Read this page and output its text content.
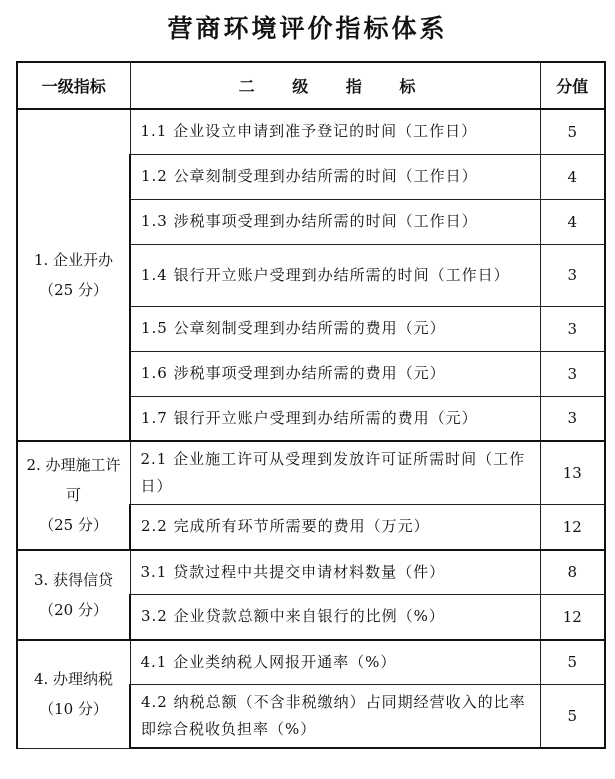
营商环境评价指标体系
一级指标	二 级 指 标	分值

1. 企业开办
（25 分）	1.1 企业设立申请到准予登记的时间（工作日）	5
	1.2 公章刻制受理到办结所需的时间（工作日）	4
	1.3 涉税事项受理到办结所需的时间（工作日）	4
	1.4 银行开立账户受理到办结所需的时间（工作日）	3
	1.5 公章刻制受理到办结所需的费用（元）	3
	1.6 涉税事项受理到办结所需的费用（元）	3
	1.7 银行开立账户受理到办结所需的费用（元）	3

2. 办理施工许可
（25 分）	2.1 企业施工许可从受理到发放许可证所需时间（工作日）	13
	2.2 完成所有环节所需要的费用（万元）	12

3. 获得信贷
（20 分）	3.1 贷款过程中共提交申请材料数量（件）	8
	3.2 企业贷款总额中来自银行的比例（%）	12

4. 办理纳税
（10 分）	4.1 企业类纳税人网报开通率（%）	5
	4.2 纳税总额（不含非税缴纳）占同期经营收入的比率即综合税收负担率（%）	5
